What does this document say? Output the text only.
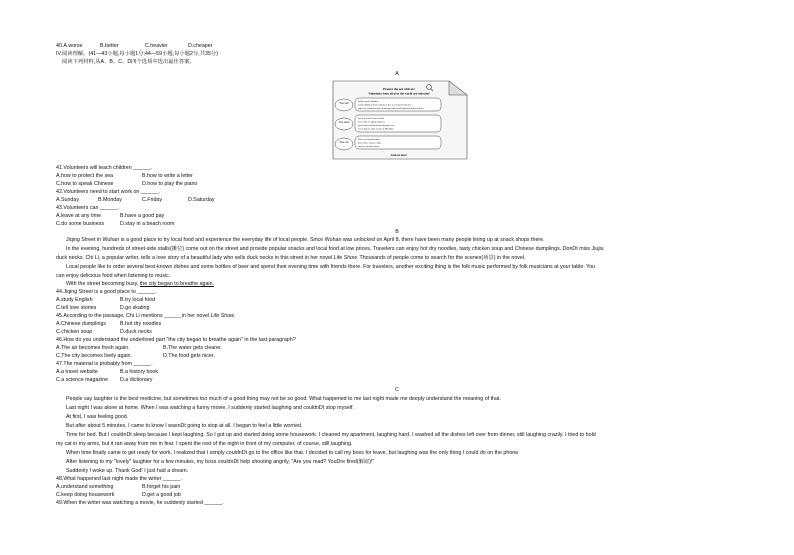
40.A.worse	B.better	C.heavier	D.cheaper
IV.阅读理解。(41—43小题,每小题1分;44—59小题,每小题2分,共35分)
阅读下列材料,从A、B、C、D四个选项中选出最佳答案。
A
Protect the sea with us!
Volunteers from all over the world are welcome!
You will
help recycle plastics.
teach children how to protect the sea in local schools.
join us to watch beach clean-ups with local students and teachers.
You need
to be at least 18 years old.
to be able to speak Chinese.
to be interested in protecting the sea.
to be able to start work on Monday.
You can
have several activities.
have three meals a day.
stay in a beach room.
Join us now!
41.Volunteers will teach children ______.
A.how to protect the sea	B.how to write a letter
C.how to speak Chinese	D.how to play the piano
42.Volunteers need to start work on ______.
A.Sunday	B.Monday	C.Friday	D.Saturday
43.Volunteers can ______.
A.leave at any time	B.have a good pay
C.do some business	D.stay in a beach room
B
Jiqing Street in Wuhan is a good place to try local food and experience the everyday life of local people. Since Wuhan was unlocked on April 8, there have been many people lining up at snack shops there.
In the evening, hundreds of street-side stalls(摊位) come out on the street and provide popular snacks and local food at low prices. Travelers can enjoy hot dry noodles, tasty chicken soup and Chinese dumplings..DonDt miss Jiujiu
duck necks. Chi Li, a popular writer, tells a love story of a beautiful lady who sells duck necks in this street in her novel Life Show. Thousands of people come to search for the scenes(场景) in the novel.
Local people like to order several best-known dishes and some bottles of beer and spend their evening time with friends there. For travelers, another exciting thing is the folk music performed by folk musicians at your table. You
can enjoy delicious food when listening to music.
With the street becoming busy, the city began to breathe again.
44.Jiqing Street is a good place to ______.
A.study English	B.try local food
C.tell love stories	D.go skating
45.According to the passage, Chi Li mentions ______in her novel Life Show.
A.Chinese dumplings	B.hot dry noodles
C.chicken soup	D.duck necks
46.How do you understand the underlined part "the city began to breathe again" in the last paragraph?
A.The air becomes fresh again.	B.The water gets clearer.
C.The city becomes lively again.	D.The food gets nicer.
47.The material is probably from ______.
A.a travel website	B.a history book
C.a science magazine D.a dictionary
C
People say laughter is the best medicine, but sometimes too much of a good thing may not be so good. What happened to me last night made me deeply understand the meaning of that.
Last night I was alone at home. When I was watching a funny movie, I suddenly started laughing and couldnDt stop myself.
At first, I was feeling good.
But after about 5 minutes, I came to know I wasnDt going to stop at all. I began to feel a little worried.
Time for bed. But I couldnDt sleep because I kept laughing. So I got up and started doing some housework. I cleaned my apartment, laughing hard. I washed all the dishes left over from dinner, still laughing crazily. I tried to hold
my cat in my arms, but it ran away from me in fear. I spent the rest of the night in front of my computer, of course, still laughing.
When time finally came to get ready for work, I realized that I simply couldnDt go to the office like that. I decided to call my boss for leave, but laughing was the only thing I could do on the phone.
After listening to my "lovely" laughter for a few minutes, my boss couldnDt help shouting angrily, "Are you mad? YouDre fired(解雇)!"
Suddenly I woke up. Thank God! I just had a dream.
48.What happened last night made the writer ______.
A.understand something	B.forget his pain
C.keep doing housework	D.get a good job
49.When the writer was watching a movie, he suddenly started ______.
